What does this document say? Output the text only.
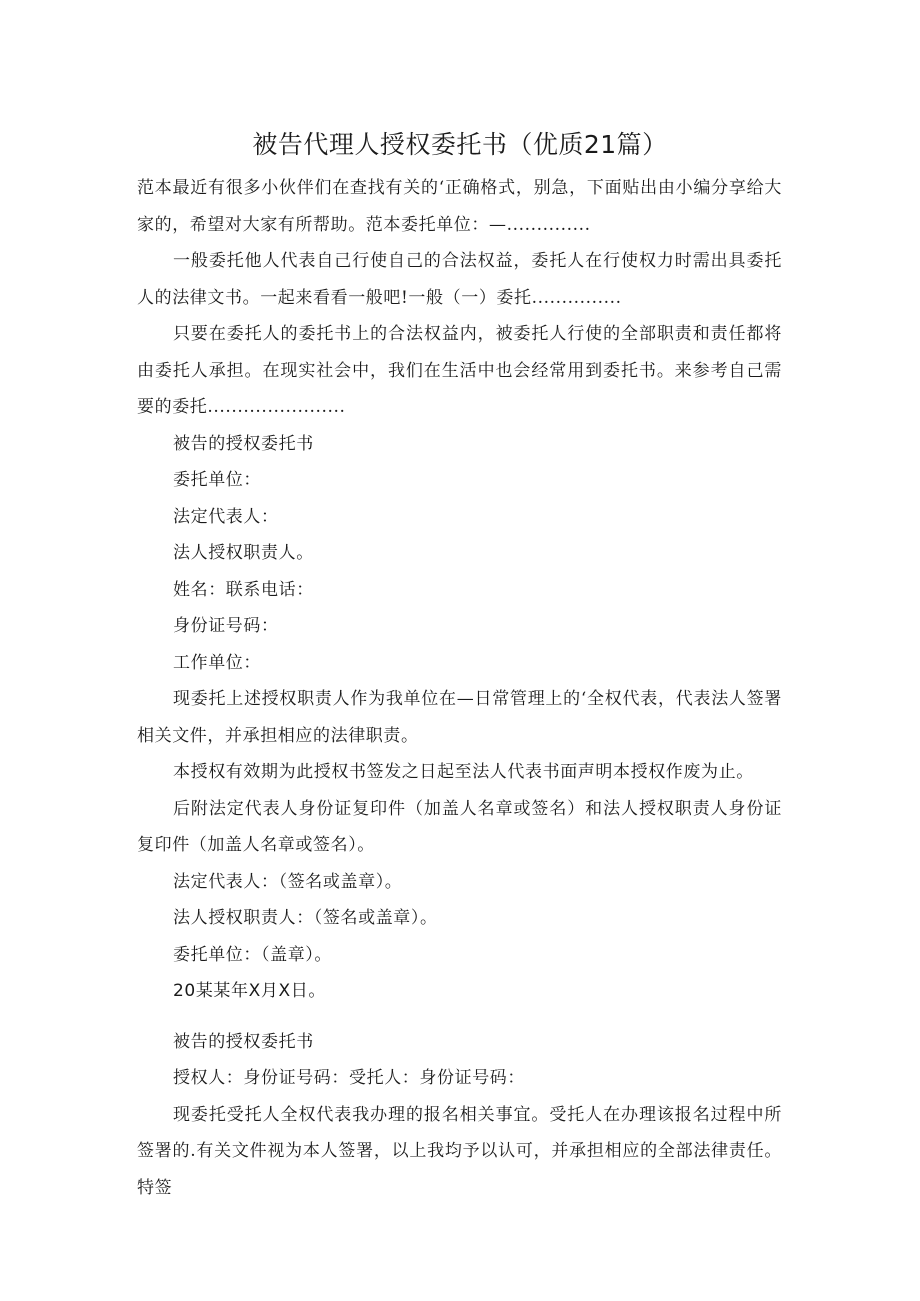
被告代理人授权委托书（优质21篇）

范本最近有很多小伙伴们在查找有关的‘正确格式，别急，下面贴出由小编分享给大家的，希望对大家有所帮助。范本委托单位：—..............

一般委托他人代表自己行使自己的合法权益，委托人在行使权力时需出具委托人的法律文书。一起来看看一般吧!一般（一）委托...............

只要在委托人的委托书上的合法权益内，被委托人行使的全部职责和责任都将由委托人承担。在现实社会中，我们在生活中也会经常用到委托书。来参考自己需要的委托.......................

被告的授权委托书

委托单位：

法定代表人：

法人授权职责人。

姓名：联系电话：

身份证号码：

工作单位：

现委托上述授权职责人作为我单位在—日常管理上的‘全权代表，代表法人签署相关文件，并承担相应的法律职责。

本授权有效期为此授权书签发之日起至法人代表书面声明本授权作废为止。

后附法定代表人身份证复印件（加盖人名章或签名）和法人授权职责人身份证复印件（加盖人名章或签名）。

法定代表人：（签名或盖章）。

法人授权职责人：（签名或盖章）。

委托单位：（盖章）。

20某某年X月X日。

被告的授权委托书

授权人：身份证号码：受托人：身份证号码：

现委托受托人全权代表我办理的报名相关事宜。受托人在办理该报名过程中所签署的.有关文件视为本人签署，以上我均予以认可，并承担相应的全部法律责任。特签
